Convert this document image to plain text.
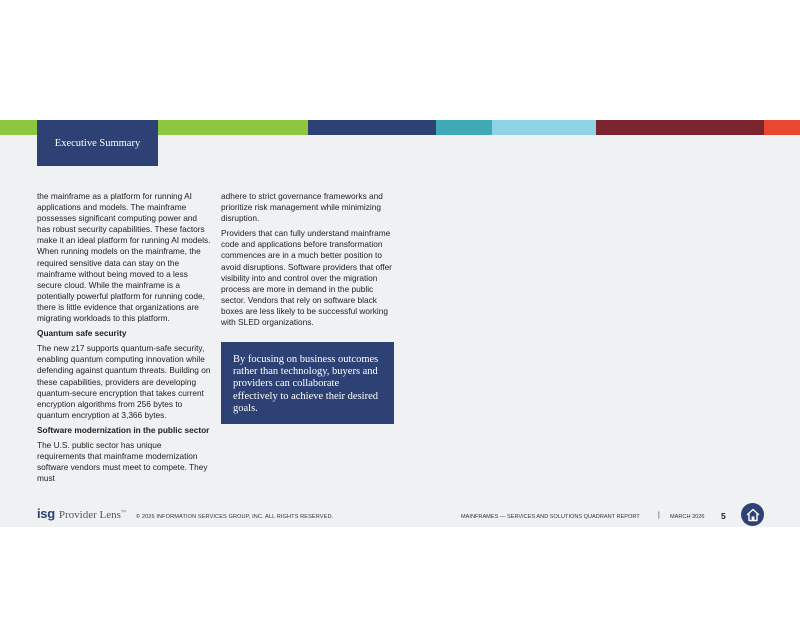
Executive Summary

the mainframe as a platform for running AI applications and models. The mainframe possesses significant computing power and has robust security capabilities. These factors make it an ideal platform for running AI models. When running models on the mainframe, the required sensitive data can stay on the mainframe without being moved to a less secure cloud. While the mainframe is a potentially powerful platform for running code, there is little evidence that organizations are migrating workloads to this platform.

Quantum safe security

The new z17 supports quantum-safe security, enabling quantum computing innovation while defending against quantum threats. Building on these capabilities, providers are developing quantum-secure encryption that takes current encryption algorithms from 256 bytes to quantum encryption at 3,366 bytes.

Software modernization in the public sector

The U.S. public sector has unique requirements that mainframe modernization software vendors must meet to compete. They must

adhere to strict governance frameworks and prioritize risk management while minimizing disruption.

Providers that can fully understand mainframe code and applications before transformation commences are in a much better position to avoid disruptions. Software providers that offer visibility into and control over the migration process are more in demand in the public sector. Vendors that rely on software black boxes are less likely to be successful working with SLED organizations.

By focusing on business outcomes rather than technology, buyers and providers can collaborate effectively to achieve their desired goals.
isg Provider Lens™
© 2026 INFORMATION SERVICES GROUP, INC. ALL RIGHTS RESERVED.	MAINFRAMES — SERVICES AND SOLUTIONS QUADRANT REPORT	| MARCH 2026 5
